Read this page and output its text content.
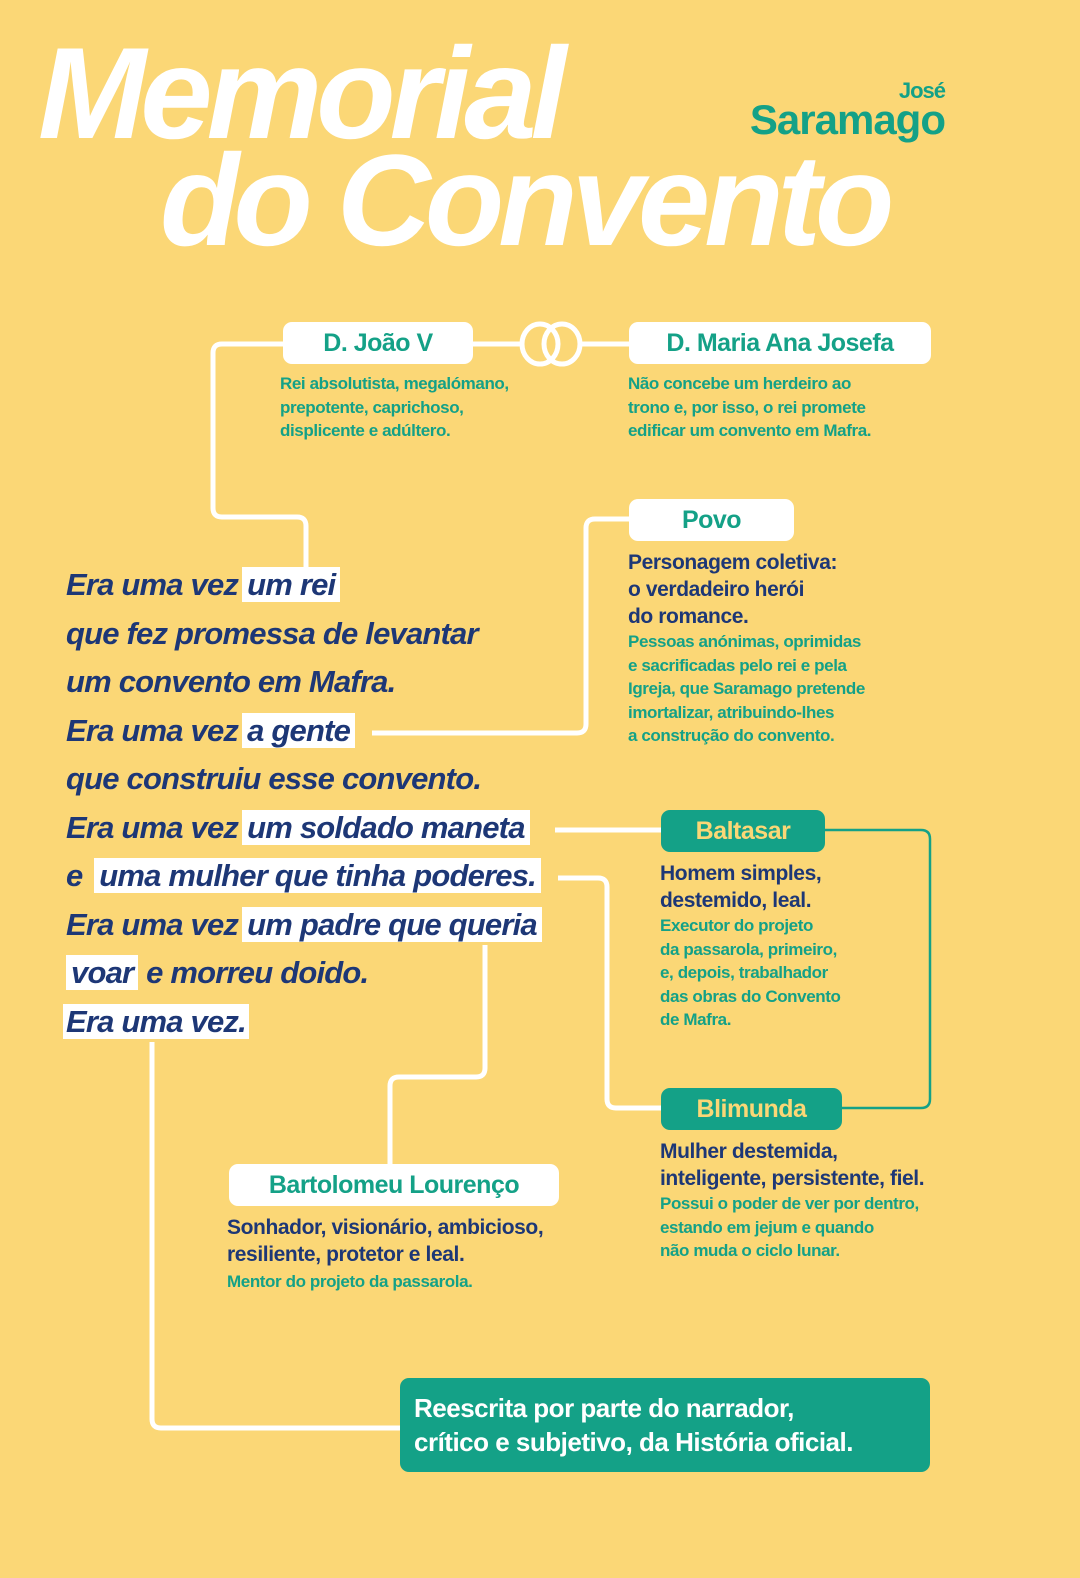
Memorial
do Convento
José
Saramago
D. João V
Rei absolutista, megalómano,
prepotente, caprichoso,
displicente e adúltero.
D. Maria Ana Josefa
Não concebe um herdeiro ao
trono e, por isso, o rei promete
edificar um convento em Mafra.
Povo
Personagem coletiva:
o verdadeiro herói
do romance.
Pessoas anónimas, oprimidas
e sacrificadas pelo rei e pela
Igreja, que Saramago pretende
imortalizar, atribuindo-lhes
a construção do convento.
Baltasar
Homem simples,
destemido, leal.
Executor do projeto
da passarola, primeiro,
e, depois, trabalhador
das obras do Convento
de Mafra.
Blimunda
Mulher destemida,
inteligente, persistente, fiel.
Possui o poder de ver por dentro,
estando em jejum e quando
não muda o ciclo lunar.
Bartolomeu Lourenço
Sonhador, visionário, ambicioso,
resiliente, protetor e leal.
Mentor do projeto da passarola.
Era uma vez um rei
que fez promessa de levantar
um convento em Mafra.
Era uma vez a gente
que construiu esse convento.
Era uma vez um soldado maneta
e uma mulher que tinha poderes.
Era uma vez um padre que queria
voar e morreu doido.
Era uma vez.
Reescrita por parte do narrador,
crítico e subjetivo, da História oficial.
